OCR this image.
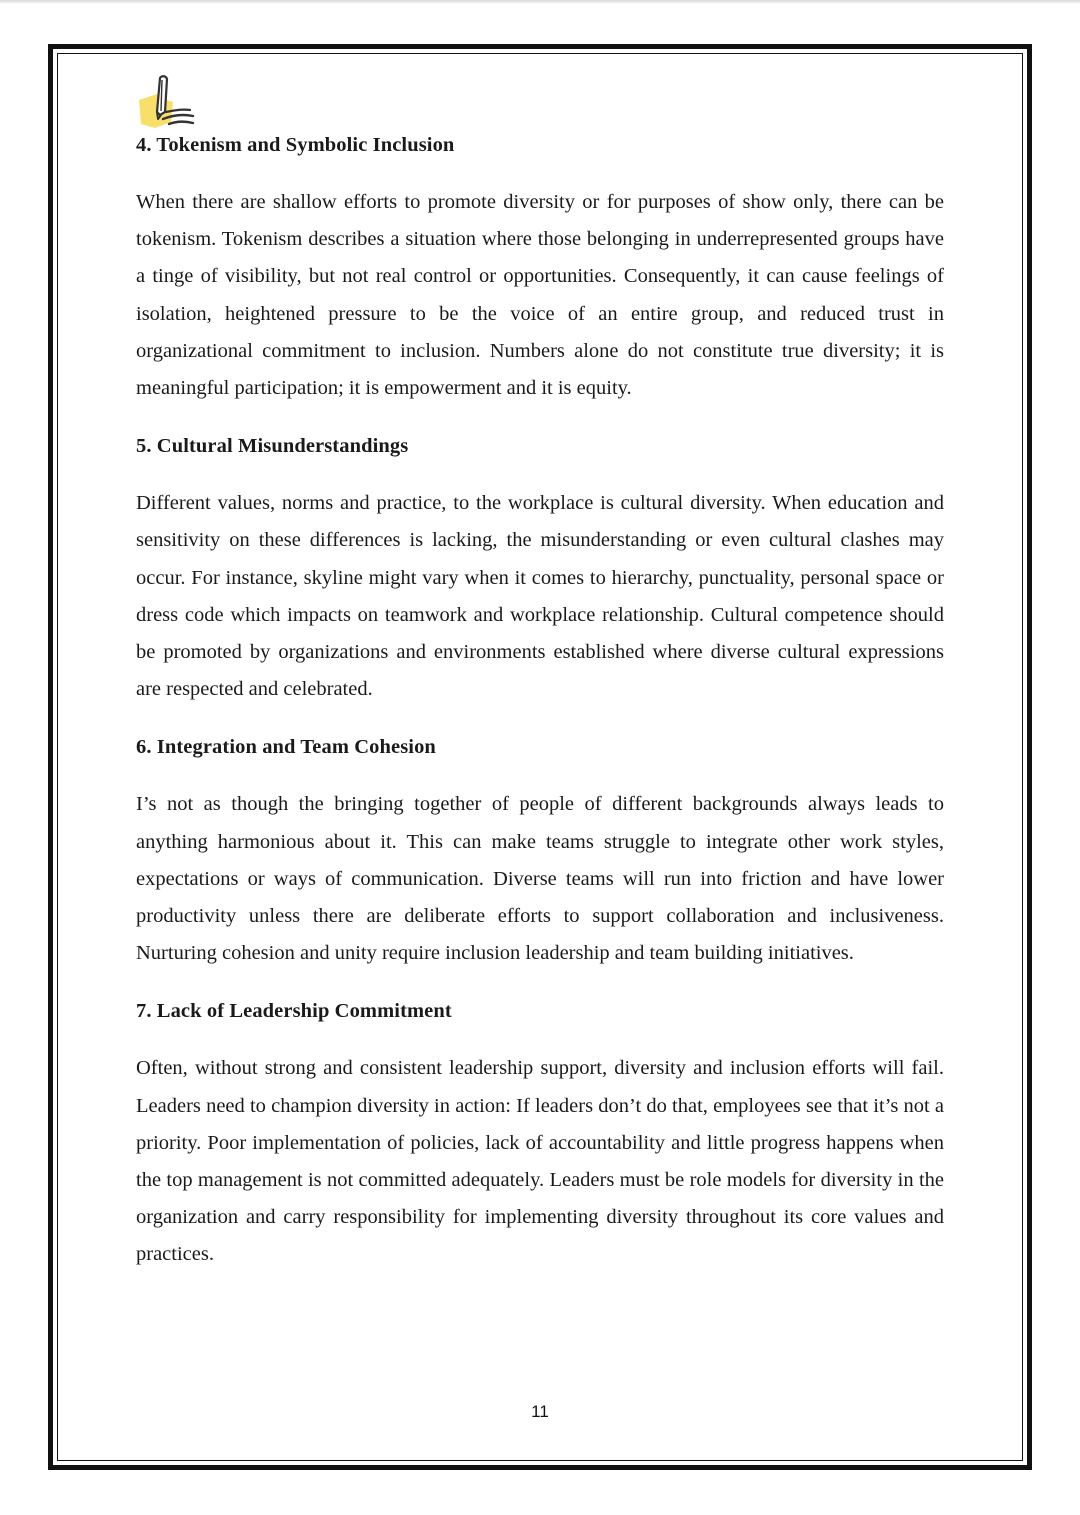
4. Tokenism and Symbolic Inclusion

When there are shallow efforts to promote diversity or for purposes of show only, there can be tokenism. Tokenism describes a situation where those belonging in underrepresented groups have a tinge of visibility, but not real control or opportunities. Consequently, it can cause feelings of isolation, heightened pressure to be the voice of an entire group, and reduced trust in organizational commitment to inclusion. Numbers alone do not constitute true diversity; it is meaningful participation; it is empowerment and it is equity.

5. Cultural Misunderstandings

Different values, norms and practice, to the workplace is cultural diversity. When education and sensitivity on these differences is lacking, the misunderstanding or even cultural clashes may occur. For instance, skyline might vary when it comes to hierarchy, punctuality, personal space or dress code which impacts on teamwork and workplace relationship. Cultural competence should be promoted by organizations and environments established where diverse cultural expressions are respected and celebrated.

6. Integration and Team Cohesion

I’s not as though the bringing together of people of different backgrounds always leads to anything harmonious about it. This can make teams struggle to integrate other work styles, expectations or ways of communication. Diverse teams will run into friction and have lower productivity unless there are deliberate efforts to support collaboration and inclusiveness. Nurturing cohesion and unity require inclusion leadership and team building initiatives.

7. Lack of Leadership Commitment

Often, without strong and consistent leadership support, diversity and inclusion efforts will fail. Leaders need to champion diversity in action: If leaders don’t do that, employees see that it’s not a priority. Poor implementation of policies, lack of accountability and little progress happens when the top management is not committed adequately. Leaders must be role models for diversity in the organization and carry responsibility for implementing diversity throughout its core values and practices.

11
